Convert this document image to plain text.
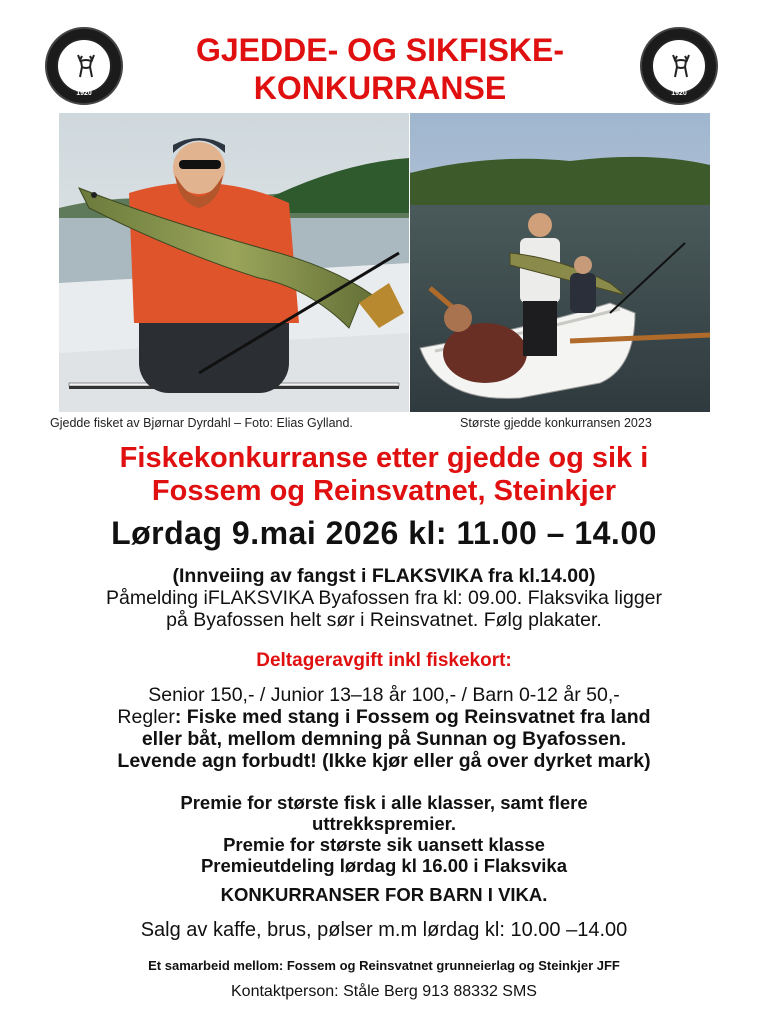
1920	1920
GJEDDE- OG SIKFISKE-
KONKURRANSE
Gjedde fisket av Bjørnar Dyrdahl – Foto: Elias Gylland.	Største gjedde konkurransen 2023
Fiskekonkurranse etter gjedde og sik i
Fossem og Reinsvatnet, Steinkjer
Lørdag 9.mai 2026 kl: 11.00 – 14.00
(Innveiing av fangst i FLAKSVIKA fra kl.14.00)
Påmelding iFLAKSVIKA Byafossen fra kl: 09.00. Flaksvika ligger
på Byafossen helt sør i Reinsvatnet. Følg plakater.
Deltageravgift inkl fiskekort:
Senior 150,- / Junior 13–18 år 100,- / Barn 0-12 år 50,-
Regler: Fiske med stang i Fossem og Reinsvatnet fra land
eller båt, mellom demning på Sunnan og Byafossen.
Levende agn forbudt! (Ikke kjør eller gå over dyrket mark)
Premie for største fisk i alle klasser, samt flere
uttrekkspremier.
Premie for største sik uansett klasse
Premieutdeling lørdag kl 16.00 i Flaksvika
KONKURRANSER FOR BARN I VIKA.
Salg av kaffe, brus, pølser m.m lørdag kl: 10.00 –14.00
Et samarbeid mellom: Fossem og Reinsvatnet grunneierlag og Steinkjer JFF
Kontaktperson: Ståle Berg 913 88332 SMS
